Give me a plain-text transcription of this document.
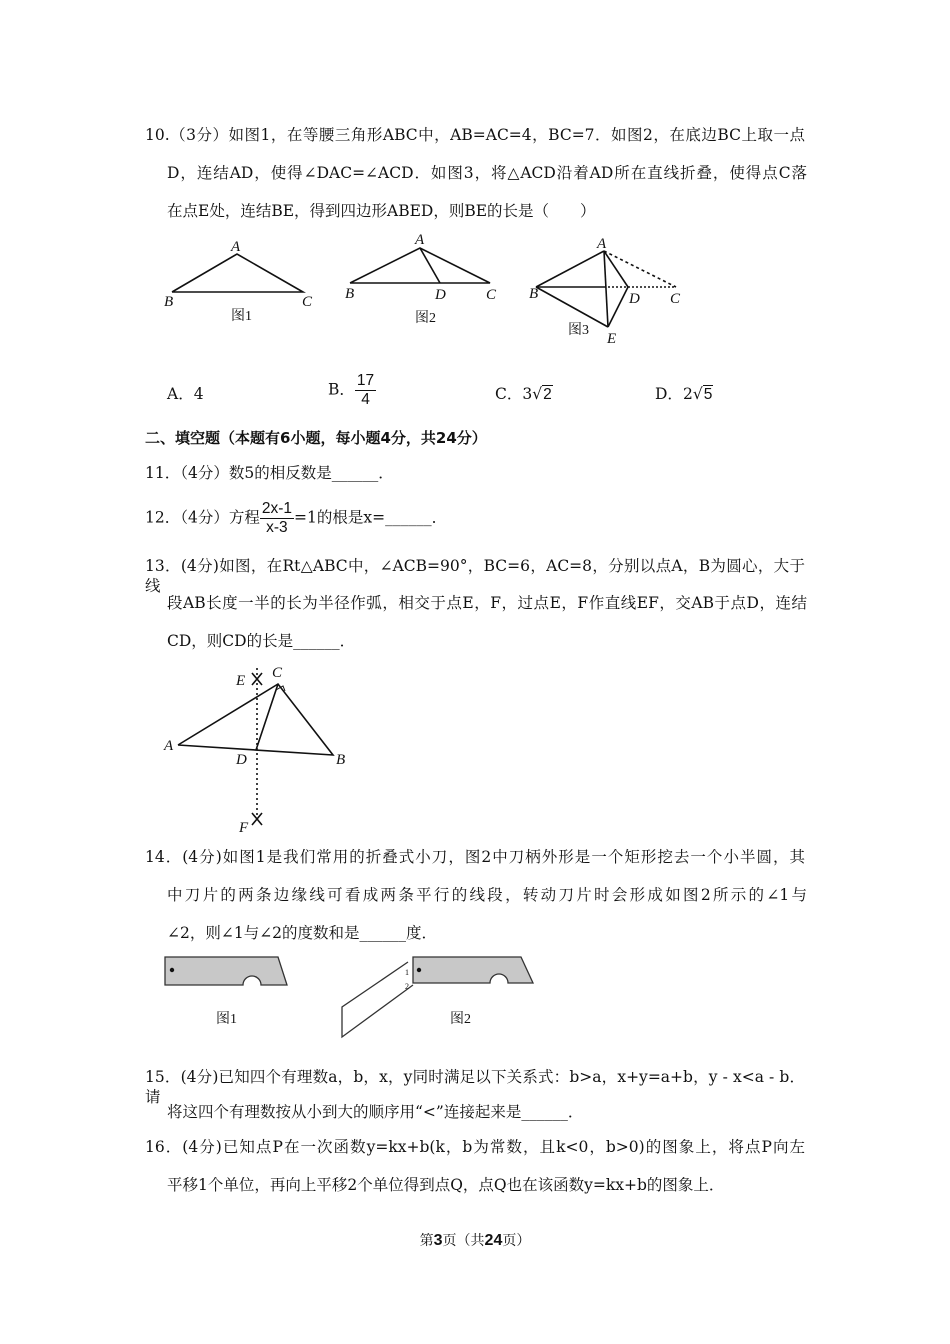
10.（3分）如图1，在等腰三角形ABC中，AB=AC=4，BC=7．如图2，在底边BC上取一点
D，连结AD，使得∠DAC=∠ACD．如图3，将△ACD沿着AD所在直线折叠，使得点C落
在点E处，连结BE，得到四边形ABED，则BE的长是（　　）
A
B	C
图1
A
B	D	C
图2
A
B	D C
E
图3
E C
A
D	B
F
图1
1
2
图2
A．4	B． $\frac{17}{4}$	C．3√2	D．2√5
二、填空题（本题有6小题，每小题4分，共24分）
11．（4分）数5的相反数是______．
12．（4分）方程 $\frac{2x-1}{x-3} =1$的根是x=______．
13．(4分)如图，在Rt△ABC中，∠ACB=90°，BC=6，AC=8，分别以点A，B为圆心，大于线
段AB长度一半的长为半径作弧，相交于点E，F，过点E，F作直线EF，交AB于点D，连结
CD，则CD的长是______．
14．(4分)如图1是我们常用的折叠式小刀，图2中刀柄外形是一个矩形挖去一个小半圆，其
中刀片的两条边缘线可看成两条平行的线段，转动刀片时会形成如图2所示的∠1与
∠2，则∠1与∠2的度数和是______度．
15．(4分)已知四个有理数a，b，x，y同时满足以下关系式：b>a，x+y=a+b，y - x<a - b．请
将这四个有理数按从小到大的顺序用“<”连接起来是______．
16．(4分)已知点P在一次函数y=kx+b(k，b为常数，且k<0，b>0)的图象上，将点P向左
平移1个单位，再向上平移2个单位得到点Q，点Q也在该函数y=kx+b的图象上．
第3页（共24页）
